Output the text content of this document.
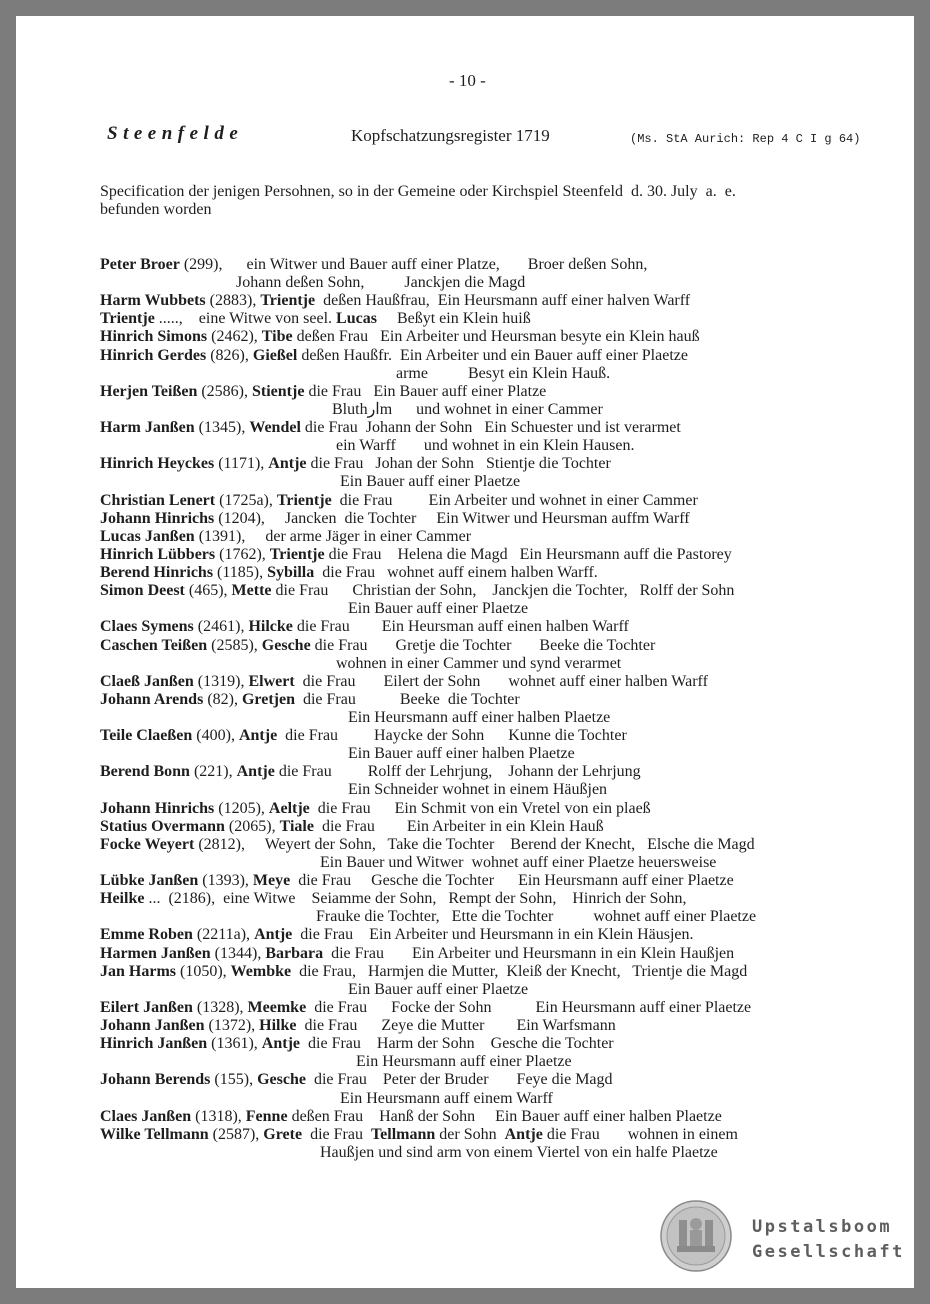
- 10 -
Steenfelde	Kopfschatzungsregister 1719	(Ms. StA Aurich: Rep 4 C I g 64)
Specification der jenigen Persohnen, so in der Gemeine oder Kirchspiel Steenfeld  d. 30. July  a.  e.
befunden worden
Peter Broer (299),      ein Witwer und Bauer auff einer Platze,       Broer deßen Sohn,
Johann deßen Sohn,          Janckjen die Magd
Harm Wubbets (2883), Trientje  deßen Haußfrau,  Ein Heursmann auff einer halven Warff
Trientje .....,    eine Witwe von seel. Lucas     Beßyt ein Klein huiß
Hinrich Simons (2462), Tibe deßen Frau   Ein Arbeiter und Heursman besyte ein Klein hauß
Hinrich Gerdes (826), Gießel deßen Haußfr.  Ein Arbeiter und ein Bauer auff einer Plaetze
arme          Besyt ein Klein Hauß.
Herjen Teißen (2586), Stientje die Frau   Ein Bauer auff einer Platze
Bluthارm      und wohnet in einer Cammer
Harm Janßen (1345), Wendel die Frau  Johann der Sohn   Ein Schuester und ist verarmet
ein Warff       und wohnet in ein Klein Hausen.
Hinrich Heyckes (1171), Antje die Frau   Johan der Sohn   Stientje die Tochter
Ein Bauer auff einer Plaetze
Christian Lenert (1725a), Trientje  die Frau         Ein Arbeiter und wohnet in einer Cammer
Johann Hinrichs (1204),     Jancken  die Tochter     Ein Witwer und Heursman auffm Warff
Lucas Janßen (1391),     der arme Jäger in einer Cammer
Hinrich Lübbers (1762), Trientje die Frau    Helena die Magd   Ein Heursmann auff die Pastorey
Berend Hinrichs (1185), Sybilla  die Frau   wohnet auff einem halben Warff.
Simon Deest (465), Mette die Frau      Christian der Sohn,    Janckjen die Tochter,   Rolff der Sohn
Ein Bauer auff einer Plaetze
Claes Symens (2461), Hilcke die Frau        Ein Heursman auff einen halben Warff
Caschen Teißen (2585), Gesche die Frau       Gretje die Tochter       Beeke die Tochter
wohnen in einer Cammer und synd verarmet
Claeß Janßen (1319), Elwert  die Frau       Eilert der Sohn       wohnet auff einer halben Warff
Johann Arends (82), Gretjen  die Frau           Beeke  die Tochter
Ein Heursmann auff einer halben Plaetze
Teile Claeßen (400), Antje  die Frau         Haycke der Sohn      Kunne die Tochter
Ein Bauer auff einer halben Plaetze
Berend Bonn (221), Antje die Frau         Rolff der Lehrjung,    Johann der Lehrjung
Ein Schneider wohnet in einem Häußjen
Johann Hinrichs (1205), Aeltje  die Frau      Ein Schmit von ein Vretel von ein plaeß
Statius Overmann (2065), Tiale  die Frau        Ein Arbeiter in ein Klein Hauß
Focke Weyert (2812),     Weyert der Sohn,   Take die Tochter    Berend der Knecht,   Elsche die Magd
Ein Bauer und Witwer  wohnet auff einer Plaetze heuersweise
Lübke Janßen (1393), Meye  die Frau     Gesche die Tochter      Ein Heursmann auff einer Plaetze
Heilke ...  (2186),  eine Witwe    Seiamme der Sohn,   Rempt der Sohn,    Hinrich der Sohn,
Frauke die Tochter,   Ette die Tochter          wohnet auff einer Plaetze
Emme Roben (2211a), Antje  die Frau    Ein Arbeiter und Heursmann in ein Klein Häusjen.
Harmen Janßen (1344), Barbara  die Frau       Ein Arbeiter und Heursmann in ein Klein Haußjen
Jan Harms (1050), Wembke  die Frau,   Harmjen die Mutter,  Kleiß der Knecht,   Trientje die Magd
Ein Bauer auff einer Plaetze
Eilert Janßen (1328), Meemke  die Frau      Focke der Sohn           Ein Heursmann auff einer Plaetze
Johann Janßen (1372), Hilke  die Frau      Zeye die Mutter        Ein Warfsmann
Hinrich Janßen (1361), Antje  die Frau    Harm der Sohn    Gesche die Tochter
Ein Heursmann auff einer Plaetze
Johann Berends (155), Gesche  die Frau    Peter der Bruder       Feye die Magd
Ein Heursmann auff einem Warff
Claes Janßen (1318), Fenne deßen Frau    Hanß der Sohn     Ein Bauer auff einer halben Plaetze
Wilke Tellmann (2587), Grete  die Frau  Tellmann der Sohn  Antje die Frau       wohnen in einem
Haußjen und sind arm von einem Viertel von ein halfe Plaetze
Upstalsboom
Gesellschaft
